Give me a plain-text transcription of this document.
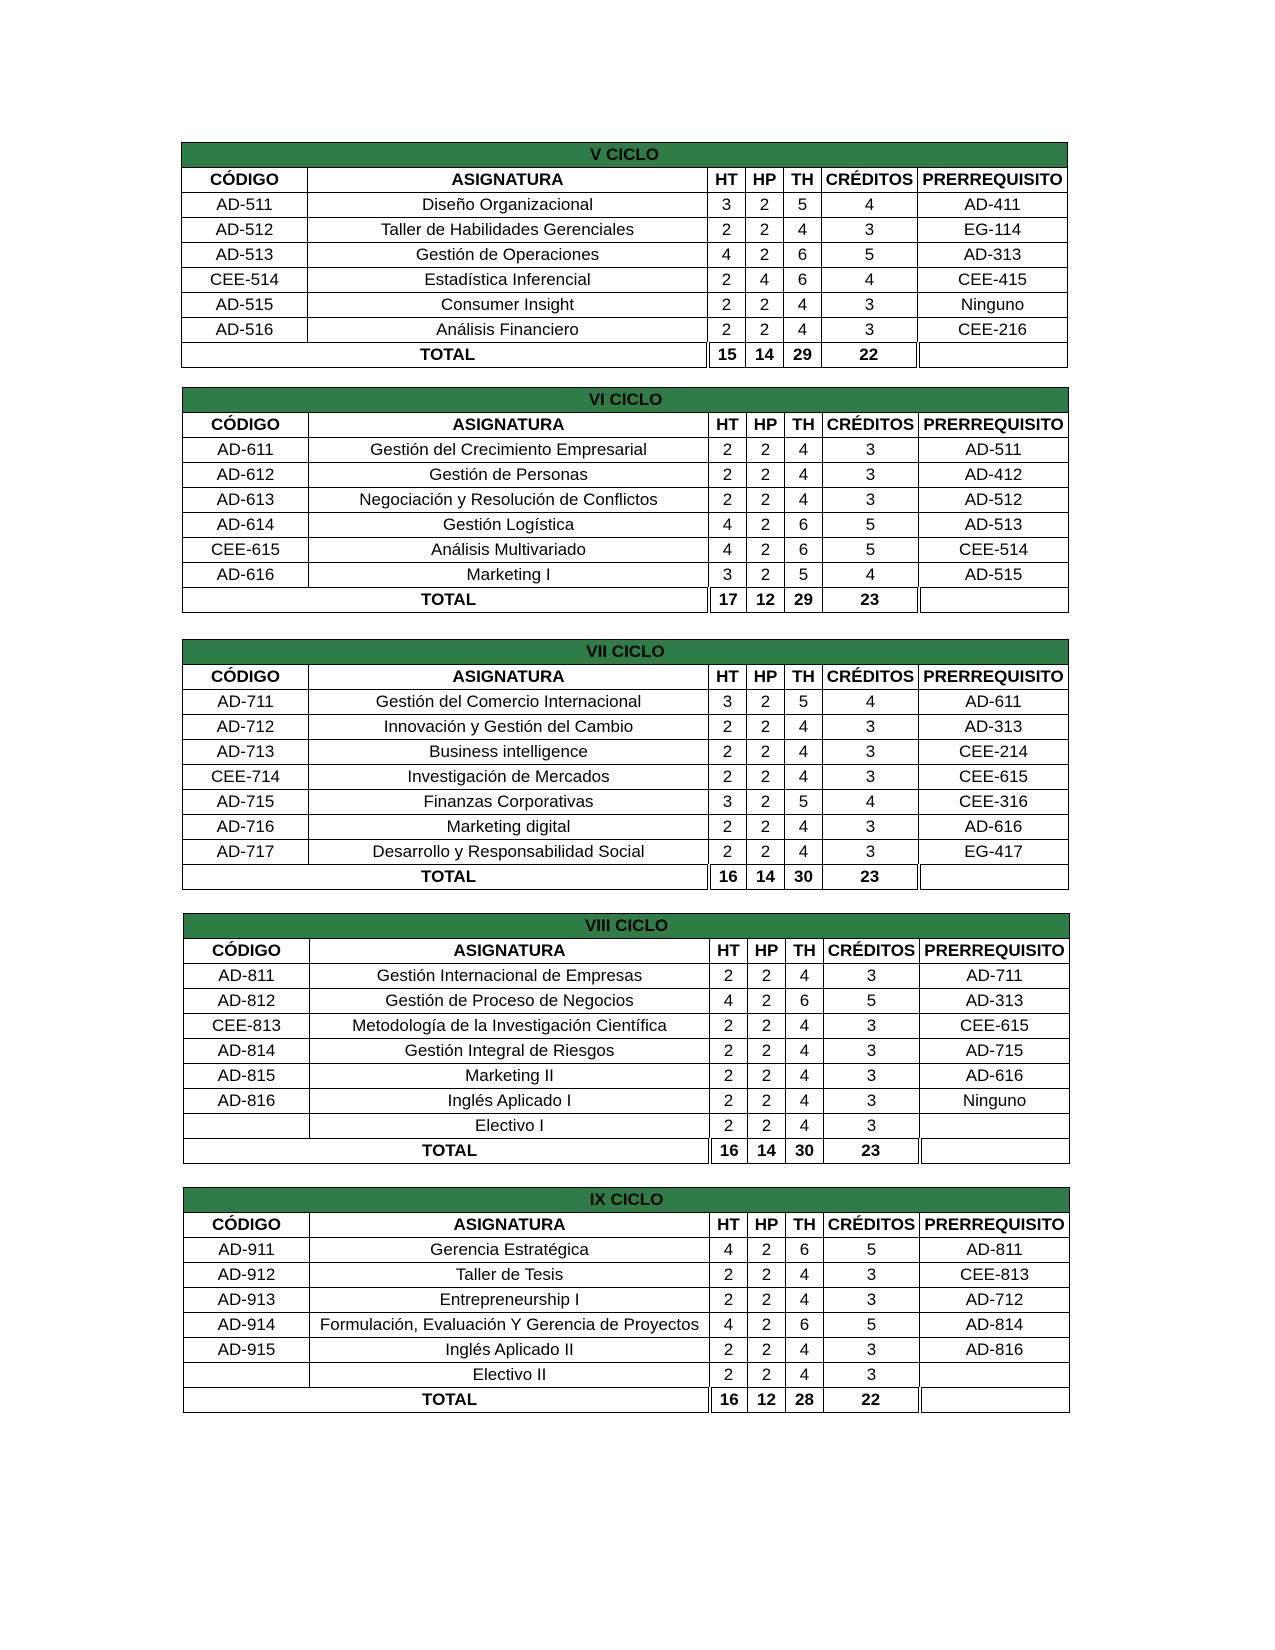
V CICLO						
CÓDIGO	ASIGNATURA	HT	HP	TH	CRÉDITOS	PRERREQUISITO
AD-511	Diseño Organizacional	3	2	5	4	AD-411
AD-512	Taller de Habilidades Gerenciales	2	2	4	3	EG-114
AD-513	Gestión de Operaciones	4	2	6	5	AD-313
CEE-514	Estadística Inferencial	2	4	6	4	CEE-415
AD-515	Consumer Insight	2	2	4	3	Ninguno
AD-516	Análisis Financiero	2	2	4	3	CEE-216
TOTAL		15	14	29	22	
VI CICLO						
CÓDIGO	ASIGNATURA	HT	HP	TH	CRÉDITOS	PRERREQUISITO
AD-611	Gestión del Crecimiento Empresarial	2	2	4	3	AD-511
AD-612	Gestión de Personas	2	2	4	3	AD-412
AD-613	Negociación y Resolución de Conflictos	2	2	4	3	AD-512
AD-614	Gestión Logística	4	2	6	5	AD-513
CEE-615	Análisis Multivariado	4	2	6	5	CEE-514
AD-616	Marketing I	3	2	5	4	AD-515
TOTAL		17	12	29	23	
VII CICLO						
CÓDIGO	ASIGNATURA	HT	HP	TH	CRÉDITOS	PRERREQUISITO
AD-711	Gestión del Comercio Internacional	3	2	5	4	AD-611
AD-712	Innovación y Gestión del Cambio	2	2	4	3	AD-313
AD-713	Business intelligence	2	2	4	3	CEE-214
CEE-714	Investigación de Mercados	2	2	4	3	CEE-615
AD-715	Finanzas Corporativas	3	2	5	4	CEE-316
AD-716	Marketing digital	2	2	4	3	AD-616
AD-717	Desarrollo y Responsabilidad Social	2	2	4	3	EG-417
TOTAL		16	14	30	23	
VIII CICLO						
CÓDIGO	ASIGNATURA	HT	HP	TH	CRÉDITOS	PRERREQUISITO
AD-811	Gestión Internacional de Empresas	2	2	4	3	AD-711
AD-812	Gestión de Proceso de Negocios	4	2	6	5	AD-313
CEE-813	Metodología de la Investigación Científica	2	2	4	3	CEE-615
AD-814	Gestión Integral de Riesgos	2	2	4	3	AD-715
AD-815	Marketing II	2	2	4	3	AD-616
AD-816	Inglés Aplicado I	2	2	4	3	Ninguno
	Electivo I	2	2	4	3	
TOTAL		16	14	30	23	
IX CICLO						
CÓDIGO	ASIGNATURA	HT	HP	TH	CRÉDITOS	PRERREQUISITO
AD-911	Gerencia Estratégica	4	2	6	5	AD-811
AD-912	Taller de Tesis	2	2	4	3	CEE-813
AD-913	Entrepreneurship I	2	2	4	3	AD-712
AD-914	Formulación, Evaluación Y Gerencia de Proyectos	4	2	6	5	AD-814
AD-915	Inglés Aplicado II	2	2	4	3	AD-816
	Electivo II	2	2	4	3	
TOTAL		16	12	28	22	
